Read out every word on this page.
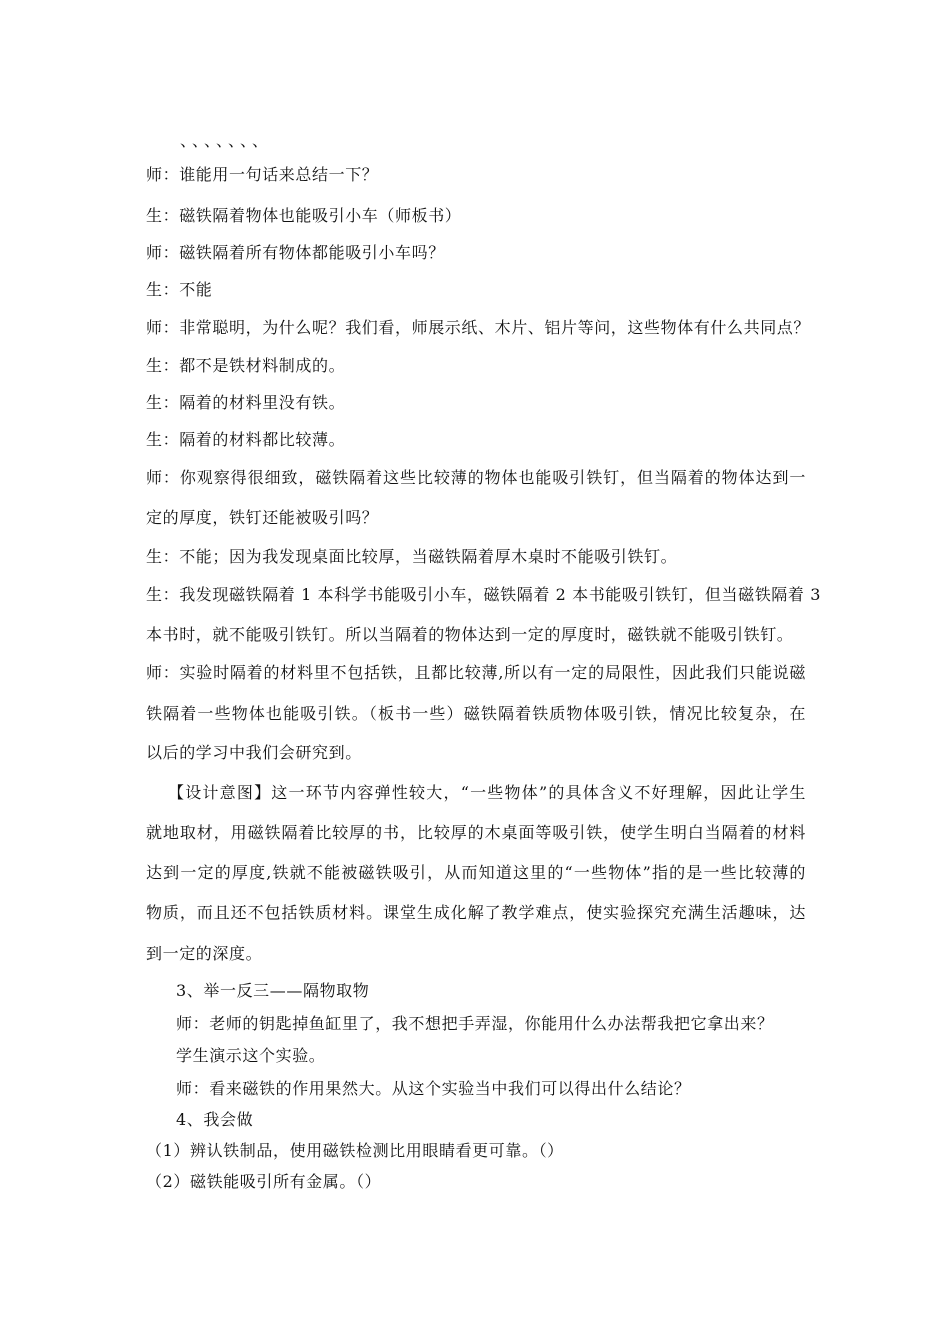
、、、、、、、
师：谁能用一句话来总结一下？
生：磁铁隔着物体也能吸引小车（师板书）
师：磁铁隔着所有物体都能吸引小车吗？
生：不能
师：非常聪明，为什么呢？我们看，师展示纸、木片、铝片等问，这些物体有什么共同点？
生：都不是铁材料制成的。
生：隔着的材料里没有铁。
生：隔着的材料都比较薄。
师：你观察得很细致，磁铁隔着这些比较薄的物体也能吸引铁钉，但当隔着的物体达到一
定的厚度，铁钉还能被吸引吗？
生：不能；因为我发现桌面比较厚，当磁铁隔着厚木桌时不能吸引铁钉。
生：我发现磁铁隔着 1 本科学书能吸引小车，磁铁隔着 2 本书能吸引铁钉，但当磁铁隔着 3
本书时，就不能吸引铁钉。所以当隔着的物体达到一定的厚度时，磁铁就不能吸引铁钉。
师：实验时隔着的材料里不包括铁，且都比较薄,所以有一定的局限性，因此我们只能说磁
铁隔着一些物体也能吸引铁。（板书一些）磁铁隔着铁质物体吸引铁，情况比较复杂，在
以后的学习中我们会研究到。
【设计意图】这一环节内容弹性较大，“一些物体”的具体含义不好理解，因此让学生
就地取材，用磁铁隔着比较厚的书，比较厚的木桌面等吸引铁，使学生明白当隔着的材料
达到一定的厚度,铁就不能被磁铁吸引，从而知道这里的“一些物体”指的是一些比较薄的
物质，而且还不包括铁质材料。课堂生成化解了教学难点，使实验探究充满生活趣味，达
到一定的深度。
3、举一反三——隔物取物
师：老师的钥匙掉鱼缸里了，我不想把手弄湿，你能用什么办法帮我把它拿出来？
学生演示这个实验。
师：看来磁铁的作用果然大。从这个实验当中我们可以得出什么结论？
4、我会做
（1）辨认铁制品，使用磁铁检测比用眼睛看更可靠。（）
（2）磁铁能吸引所有金属。（）
